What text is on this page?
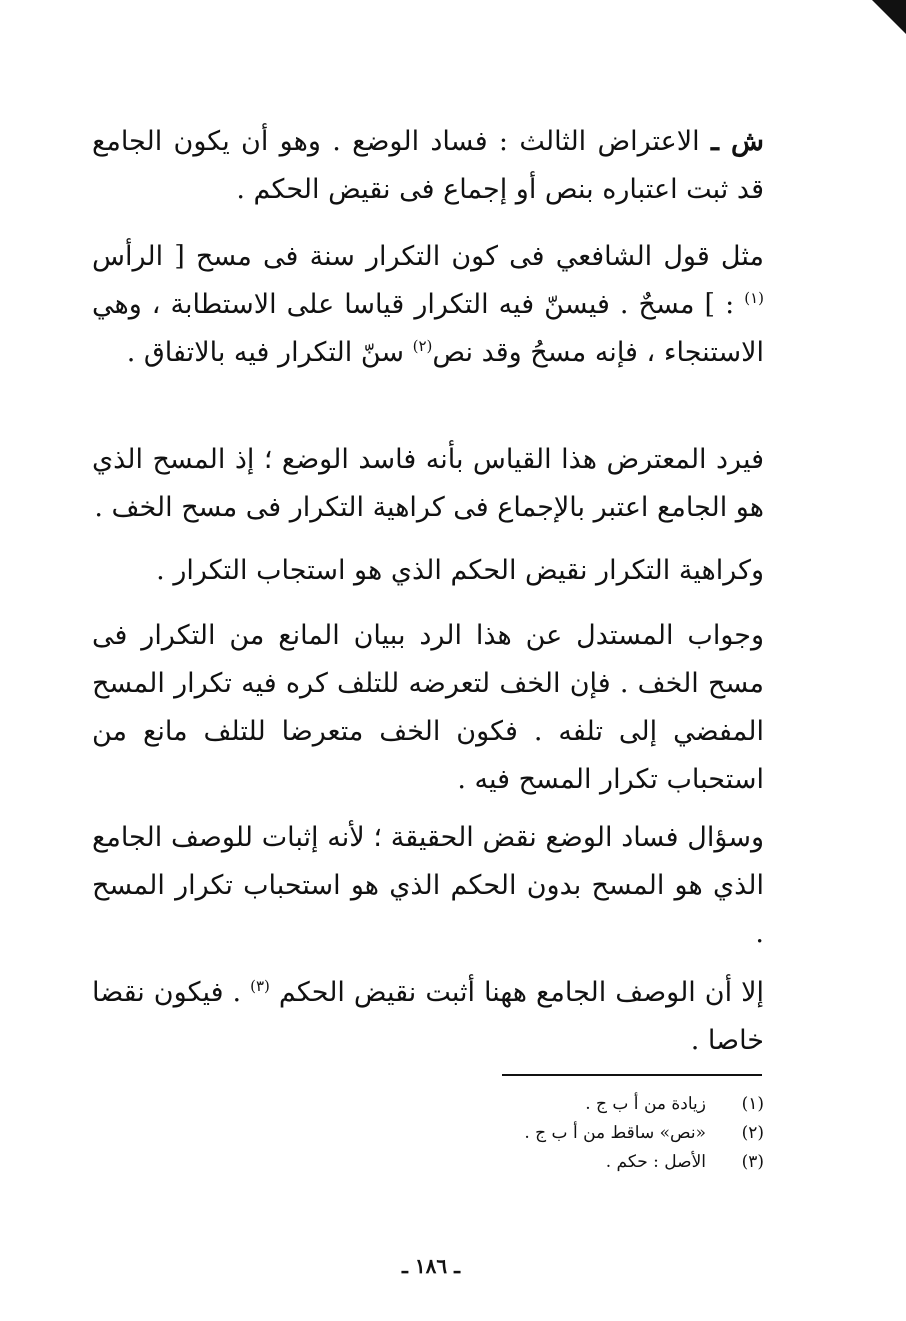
ش ـ الاعتراض الثالث : فساد الوضع . وهو أن يكون الجامع قد ثبت اعتباره بنص أو إجماع فى نقيض الحكم .

مثل قول الشافعي فى كون التكرار سنة فى مسح [ الرأس $^{(١)}$ : ] مسحٌ . فيسنّ فيه التكرار قياسا على الاستطابة ، وهي الاستنجاء ، فإنه مسحُ وقد نص$^{(٢)}$ سنّ التكرار فيه بالاتفاق .

فيرد المعترض هذا القياس بأنه فاسد الوضع ؛ إذ المسح الذي هو الجامع اعتبر بالإجماع فى كراهية التكرار فى مسح الخف .

وكراهية التكرار نقيض الحكم الذي هو استجاب التكرار .

وجواب المستدل عن هذا الرد ببيان المانع من التكرار فى مسح الخف . فإن الخف لتعرضه للتلف كره فيه تكرار المسح المفضي إلى تلفه . فكون الخف متعرضا للتلف مانع من استحباب تكرار المسح فيه .

وسؤال فساد الوضع نقض الحقيقة ؛ لأنه إثبات للوصف الجامع الذي هو المسح بدون الحكم الذي هو استحباب تكرار المسح .

إلا أن الوصف الجامع ههنا أثبت نقيض الحكم $^{(٣)}$ . فيكون نقضا خاصا .

(١)
زيادة من أ ب ج .
(٢)
«نص» ساقط من أ ب ج .
(٣)
الأصل : حكم .
ـ ١٨٦ ـ
